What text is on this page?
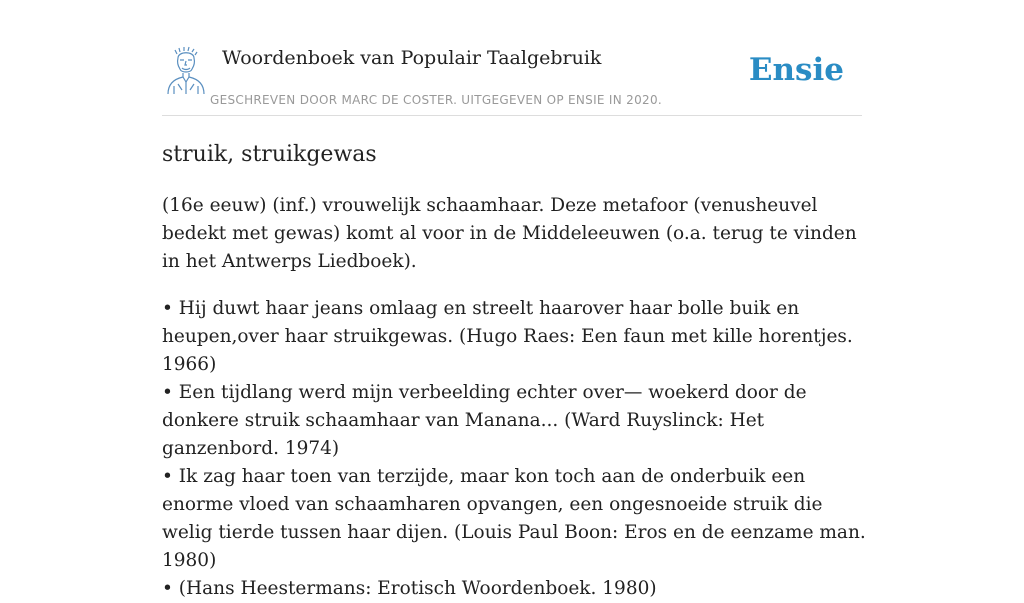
Woordenboek van Populair Taalgebruik
GESCHREVEN DOOR MARC DE COSTER. UITGEGEVEN OP ENSIE IN 2020.
Ensie
struik, struikgewas

(16e eeuw) (inf.) vrouwelijk schaamhaar. Deze metafoor (venusheuvel bedekt met gewas) komt al voor in de Middeleeuwen (o.a. terug te vinden in het Antwerps Liedboek).

• Hij duwt haar jeans omlaag en streelt haarover haar bolle buik en heupen,over haar struikgewas. (Hugo Raes: Een faun met kille horentjes. 1966)
• Een tijdlang werd mijn verbeelding echter over— woekerd door de donkere struik schaamhaar van Manana... (Ward Ruyslinck: Het ganzenbord. 1974)
• Ik zag haar toen van terzijde, maar kon toch aan de onderbuik een enorme vloed van schaamharen opvangen, een ongesnoeide struik die welig tierde tussen haar dijen. (Louis Paul Boon: Eros en de eenzame man. 1980)
• (Hans Heestermans: Erotisch Woordenboek. 1980)
